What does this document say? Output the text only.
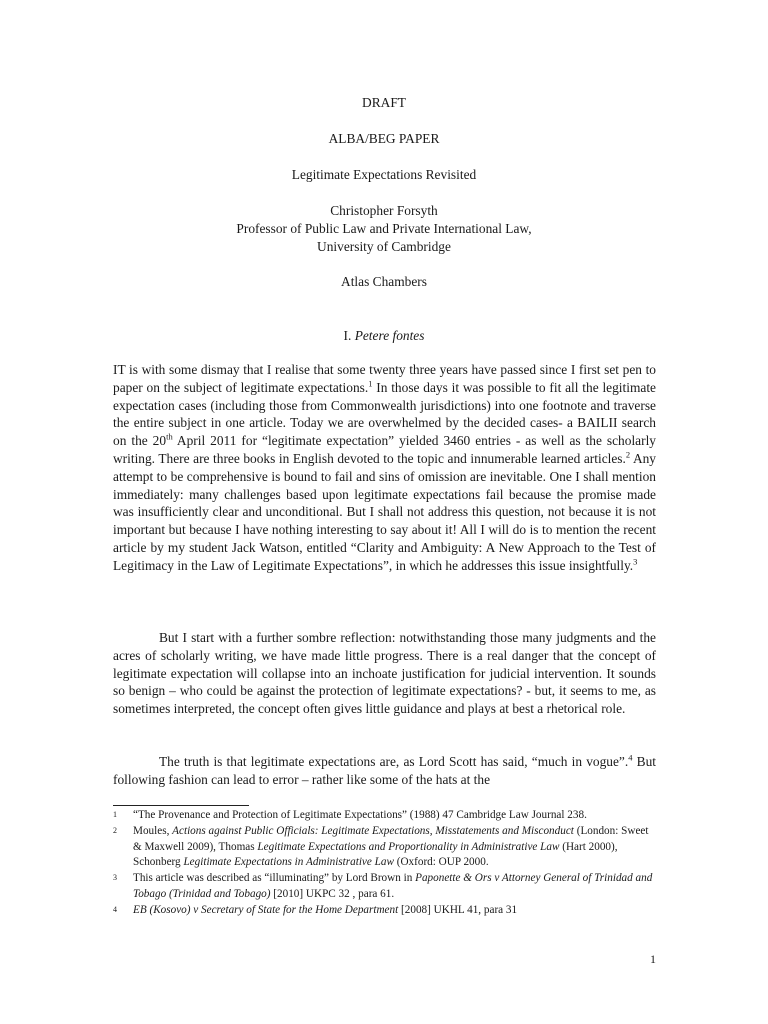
DRAFT
ALBA/BEG PAPER
Legitimate Expectations Revisited
Christopher Forsyth
Professor of Public Law and Private International Law,
University of Cambridge
Atlas Chambers
I. Petere fontes

IT is with some dismay that I realise that some twenty three years have passed since I first set pen to paper on the subject of legitimate expectations.$^1$ In those days it was possible to fit all the legitimate expectation cases (including those from Commonwealth jurisdictions) into one footnote and traverse the entire subject in one article. Today we are overwhelmed by the decided cases- a BAILII search on the 20th April 2011 for “legitimate expectation” yielded 3460 entries - as well as the scholarly writing. There are three books in English devoted to the topic and innumerable learned articles.$^2$ Any attempt to be comprehensive is bound to fail and sins of omission are inevitable. One I shall mention immediately: many challenges based upon legitimate expectations fail because the promise made was insufficiently clear and unconditional. But I shall not address this question, not because it is not important but because I have nothing interesting to say about it! All I will do is to mention the recent article by my student Jack Watson, entitled “Clarity and Ambiguity: A New Approach to the Test of Legitimacy in the Law of Legitimate Expectations”, in which he addresses this issue insightfully.$^3$

But I start with a further sombre reflection: notwithstanding those many judgments and the acres of scholarly writing, we have made little progress. There is a real danger that the concept of legitimate expectation will collapse into an inchoate justification for judicial intervention. It sounds so benign – who could be against the protection of legitimate expectations? - but, it seems to me, as sometimes interpreted, the concept often gives little guidance and plays at best a rhetorical role.

The truth is that legitimate expectations are, as Lord Scott has said, “much in vogue”.$^4$ But following fashion can lead to error – rather like some of the hats at the

1	“The Provenance and Protection of Legitimate Expectations” (1988) 47 Cambridge Law Journal 238.
2	Moules, Actions against Public Officials: Legitimate Expectations, Misstatements and Misconduct (London: Sweet & Maxwell 2009), Thomas Legitimate Expectations and Proportionality in Administrative Law (Hart 2000), Schonberg Legitimate Expectations in Administrative Law (Oxford: OUP 2000.
3	This article was described as “illuminating” by Lord Brown in Paponette & Ors v Attorney General of Trinidad and Tobago (Trinidad and Tobago) [2010] UKPC 32 , para 61.
4	EB (Kosovo) v Secretary of State for the Home Department [2008] UKHL 41, para 31
1
